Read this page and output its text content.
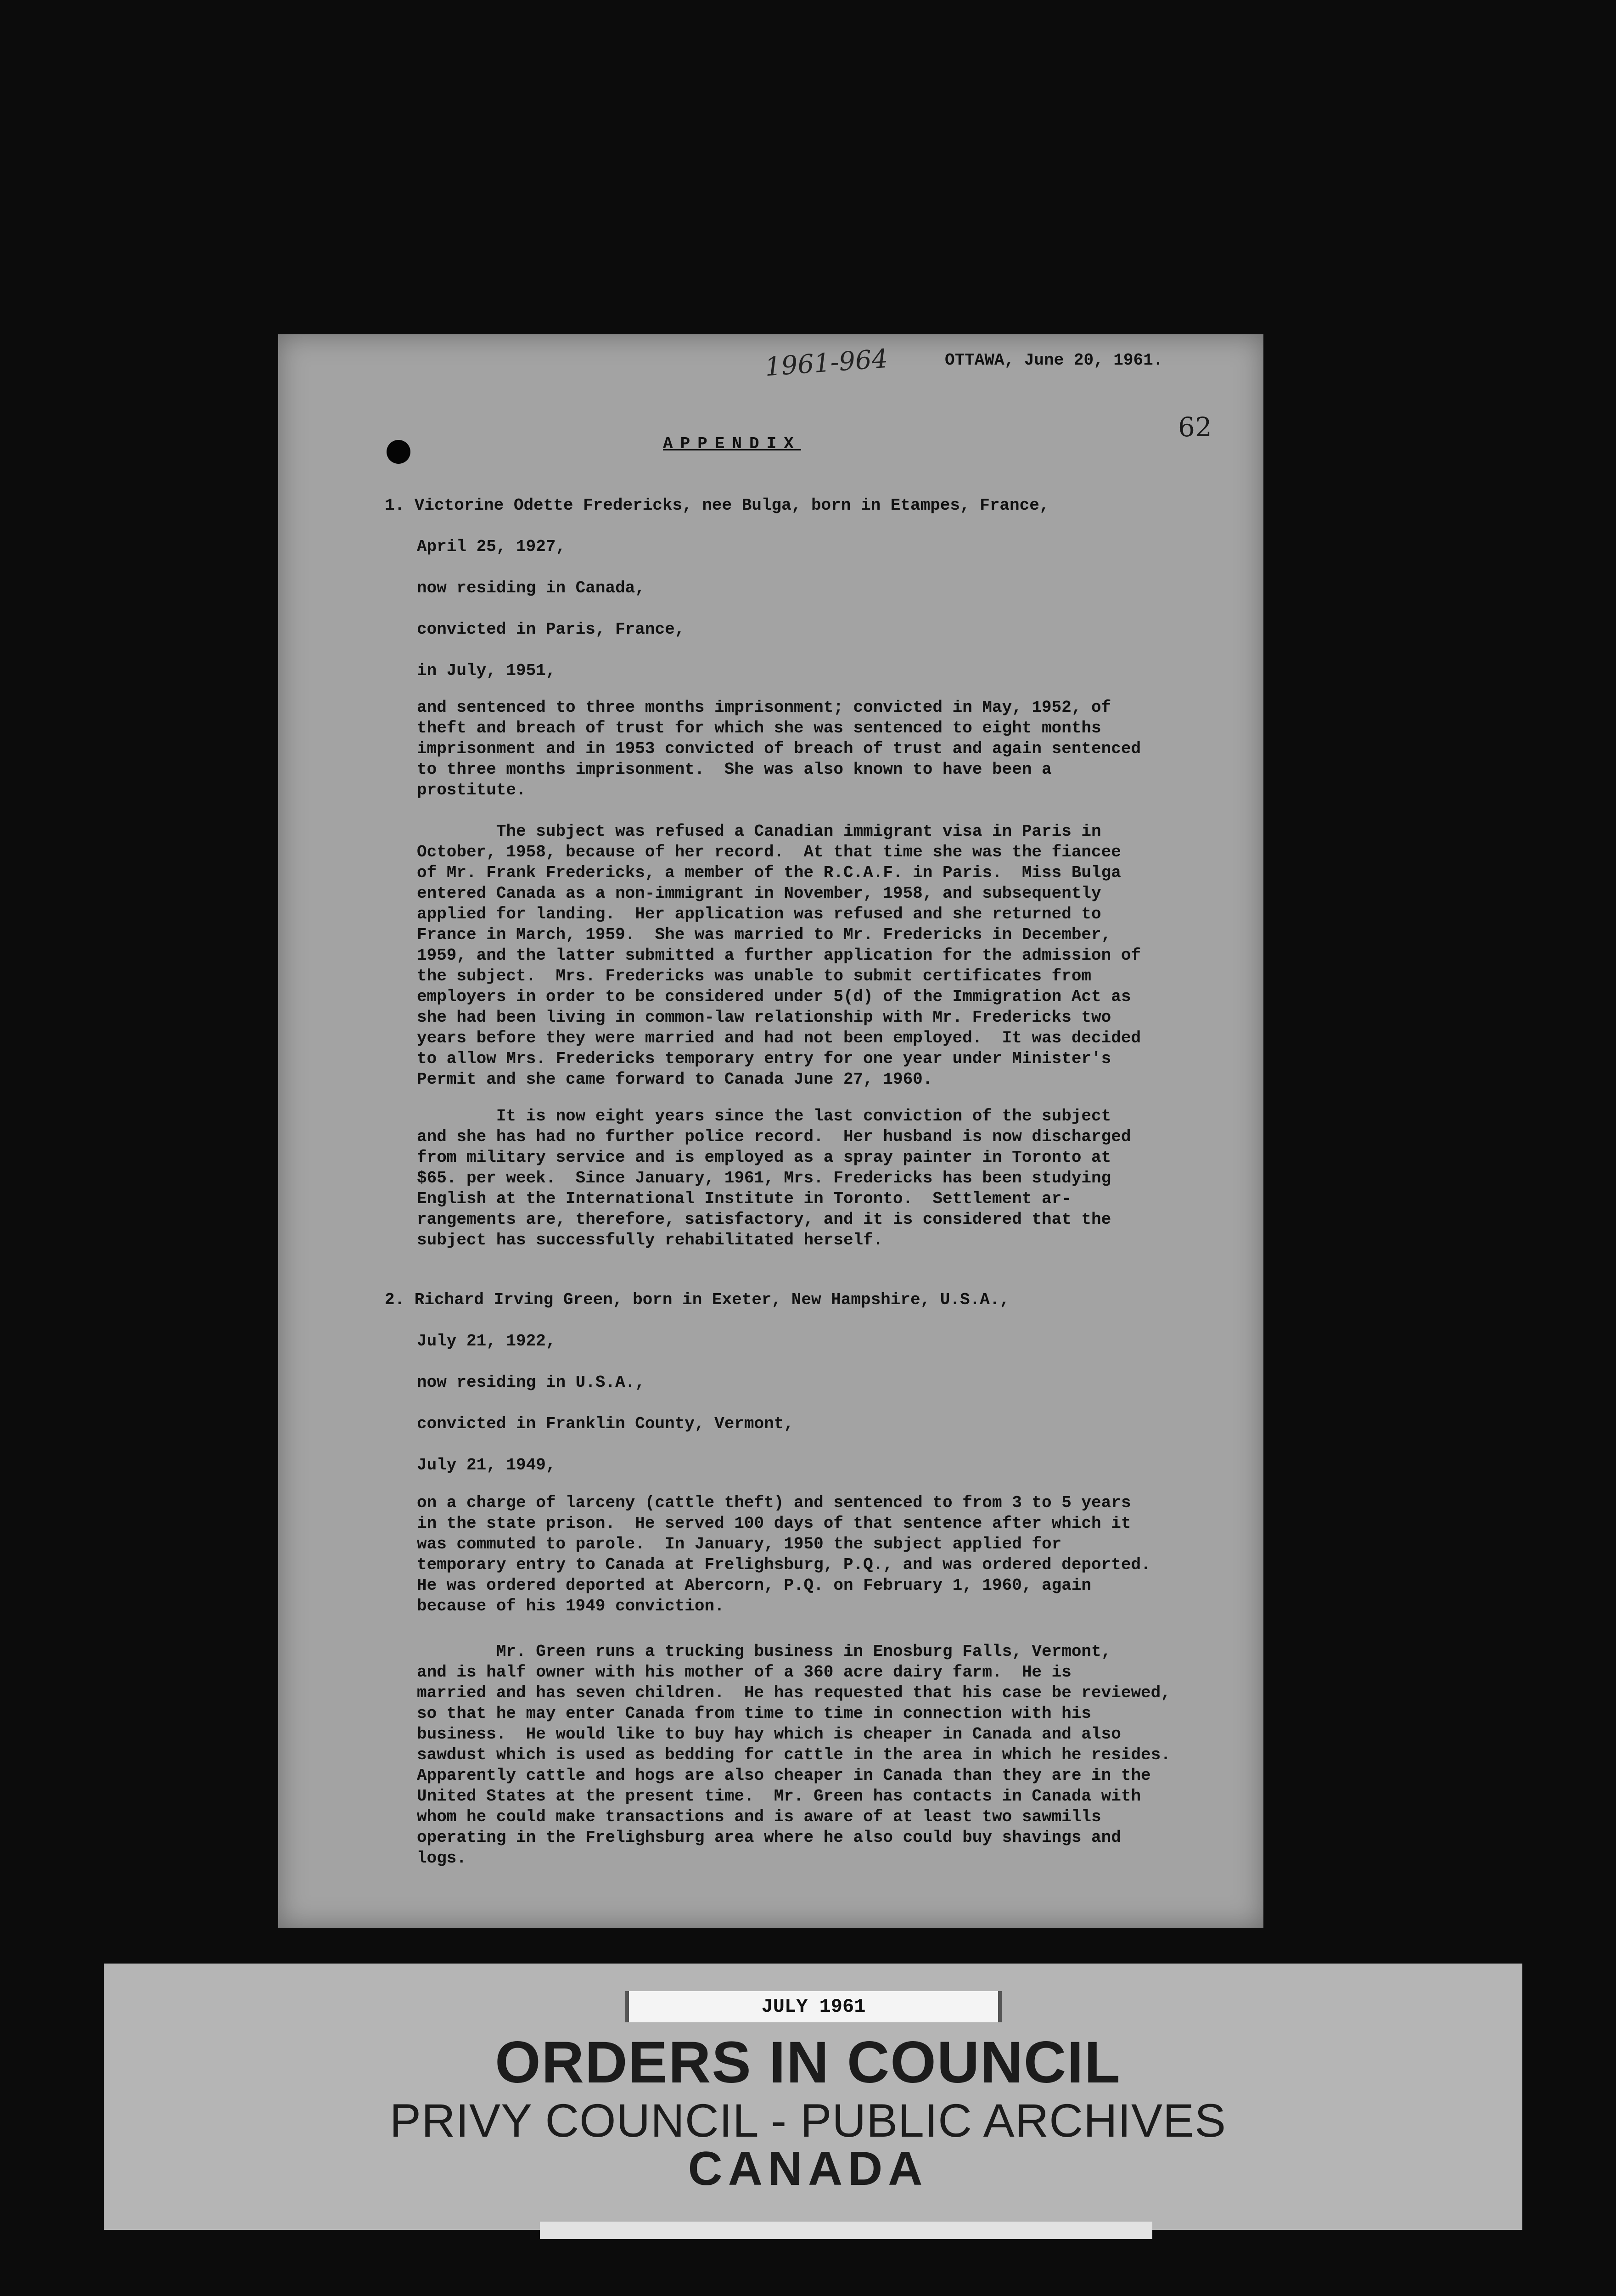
1961-964	OTTAWA, June 20, 1961.
62
APPENDIX
1. Victorine Odette Fredericks, nee Bulga, born in Etampes, France,
April 25, 1927,
now residing in Canada,
convicted in Paris, France,
in July, 1951,
and sentenced to three months imprisonment; convicted in May, 1952, of
theft and breach of trust for which she was sentenced to eight months
imprisonment and in 1953 convicted of breach of trust and again sentenced
to three months imprisonment.  She was also known to have been a
prostitute.
The subject was refused a Canadian immigrant visa in Paris in
October, 1958, because of her record.  At that time she was the fiancee
of Mr. Frank Fredericks, a member of the R.C.A.F. in Paris.  Miss Bulga
entered Canada as a non-immigrant in November, 1958, and subsequently
applied for landing.  Her application was refused and she returned to
France in March, 1959.  She was married to Mr. Fredericks in December,
1959, and the latter submitted a further application for the admission of
the subject.  Mrs. Fredericks was unable to submit certificates from
employers in order to be considered under 5(d) of the Immigration Act as
she had been living in common-law relationship with Mr. Fredericks two
years before they were married and had not been employed.  It was decided
to allow Mrs. Fredericks temporary entry for one year under Minister's
Permit and she came forward to Canada June 27, 1960.
It is now eight years since the last conviction of the subject
and she has had no further police record.  Her husband is now discharged
from military service and is employed as a spray painter in Toronto at
$65. per week.  Since January, 1961, Mrs. Fredericks has been studying
English at the International Institute in Toronto.  Settlement ar-
rangements are, therefore, satisfactory, and it is considered that the
subject has successfully rehabilitated herself.
2. Richard Irving Green, born in Exeter, New Hampshire, U.S.A.,
July 21, 1922,
now residing in U.S.A.,
convicted in Franklin County, Vermont,
July 21, 1949,
on a charge of larceny (cattle theft) and sentenced to from 3 to 5 years
in the state prison.  He served 100 days of that sentence after which it
was commuted to parole.  In January, 1950 the subject applied for
temporary entry to Canada at Frelighsburg, P.Q., and was ordered deported.
He was ordered deported at Abercorn, P.Q. on February 1, 1960, again
because of his 1949 conviction.
Mr. Green runs a trucking business in Enosburg Falls, Vermont,
and is half owner with his mother of a 360 acre dairy farm.  He is
married and has seven children.  He has requested that his case be reviewed,
so that he may enter Canada from time to time in connection with his
business.  He would like to buy hay which is cheaper in Canada and also
sawdust which is used as bedding for cattle in the area in which he resides.
Apparently cattle and hogs are also cheaper in Canada than they are in the
United States at the present time.  Mr. Green has contacts in Canada with
whom he could make transactions and is aware of at least two sawmills
operating in the Frelighsburg area where he also could buy shavings and
logs.
JULY 1961
ORDERS IN COUNCIL
PRIVY COUNCIL - PUBLIC ARCHIVES
CANADA
